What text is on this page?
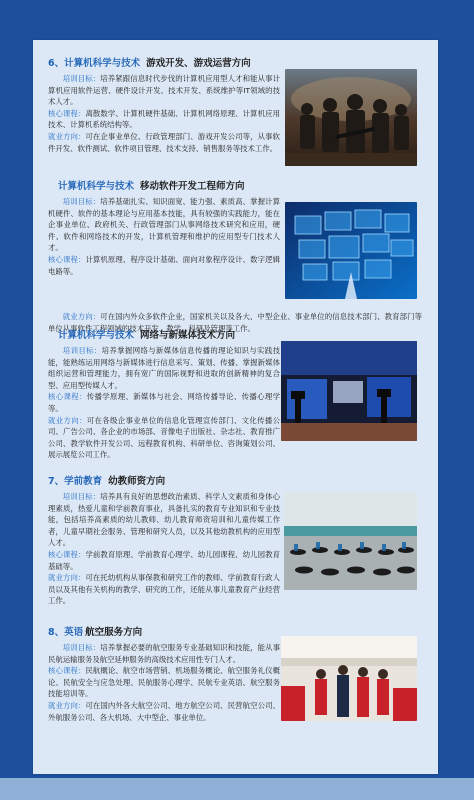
6、计算机科学与技术 游戏开发、游戏运营方向
培训目标：培养紧跟信息时代步伐的计算机应用型人才和能从事计算机应用软件运营、硬件设计开发、技术开发、系统维护等IT领域的技术人才。
核心课程：离散数学、计算机硬件基础、计算机网络原理、计算机应用技术、计算机系统结构等。
就业方向：可在企事业单位、行政管理部门、游戏开发公司等，从事软件开发、软件测试、软件项目管理、技术支持、销售服务等技术工作。
计算机科学与技术 移动软件开发工程师方向
培训目标：培养基础扎实、知识面宽、能力强、素质高、掌握计算机硬件、软件的基本理论与应用基本技能，具有较强的实践能力，能在企事业单位、政府机关、行政管理部门从事网络技术研究和应用，硬件、软件和网络技术的开发，计算机管理和维护的应用型专门技术人才。
核心课程：计算机原理、程序设计基础、面向对象程序设计、数字逻辑电路等。
就业方向：可在国内外众多软件企业，国家机关以及各大、中型企业、事业单位的信息技术部门、教育部门等单位从事软件工程领域的技术开发、教学、科研及管理等工作。
计算机科学与技术 网络与新媒体技术方向
培训目标：培养掌握网络与新媒体信息传播的理论知识与实践技能，能熟练运用网络与新媒体进行信息采写、策划、传播、掌握新媒体组织运营和管理能力，拥有宽广的国际视野和进取的创新精神的复合型、应用型传媒人才。
核心课程：传播学原理、新媒体与社会、网络传播导论、传播心理学等。
就业方向：可在各级企事业单位的信息化管理宣传部门、文化传播公司、广告公司、各企业的市场部、音像电子出版社、杂志社、教育推广公司、教学软件开发公司、远程教育机构、科研单位、咨询策划公司、展示展览公司工作。
7、学前教育 幼教师资方向
培训目标：培养具有良好的思想政治素质、科学人文素质和身体心理素质，热爱儿童和学前教育事业，具备扎实的教育专业知识和专业技能，包括培养高素质的幼儿教师、幼儿教育师资培训和儿童传媒工作者，儿童早期社会服务、管理和研究人员，以及其他幼教机构的应用型人才。
核心课程：学前教育原理、学前教育心理学、幼儿园课程、幼儿园教育基础等。
就业方向：可在托幼机构从事保教和研究工作的教师、学前教育行政人员以及其他有关机构的教学、研究的工作，还能从事儿童教育产业经营工作。
8、英语 航空服务方向
培训目标：培养掌握必要的航空服务专业基础知识和技能，能从事民航运输服务及航空延伸服务的高级技术应用性专门人才。
核心课程：民航概论、航空市场营销、机场服务概论、航空服务礼仪概论、民航安全与应急处理、民航服务心理学、民航专业英语、航空服务技能培训等。
就业方向：可在国内外各大航空公司、地方航空公司、民营航空公司、外航服务公司、各大机场、大中型企、事业单位。
